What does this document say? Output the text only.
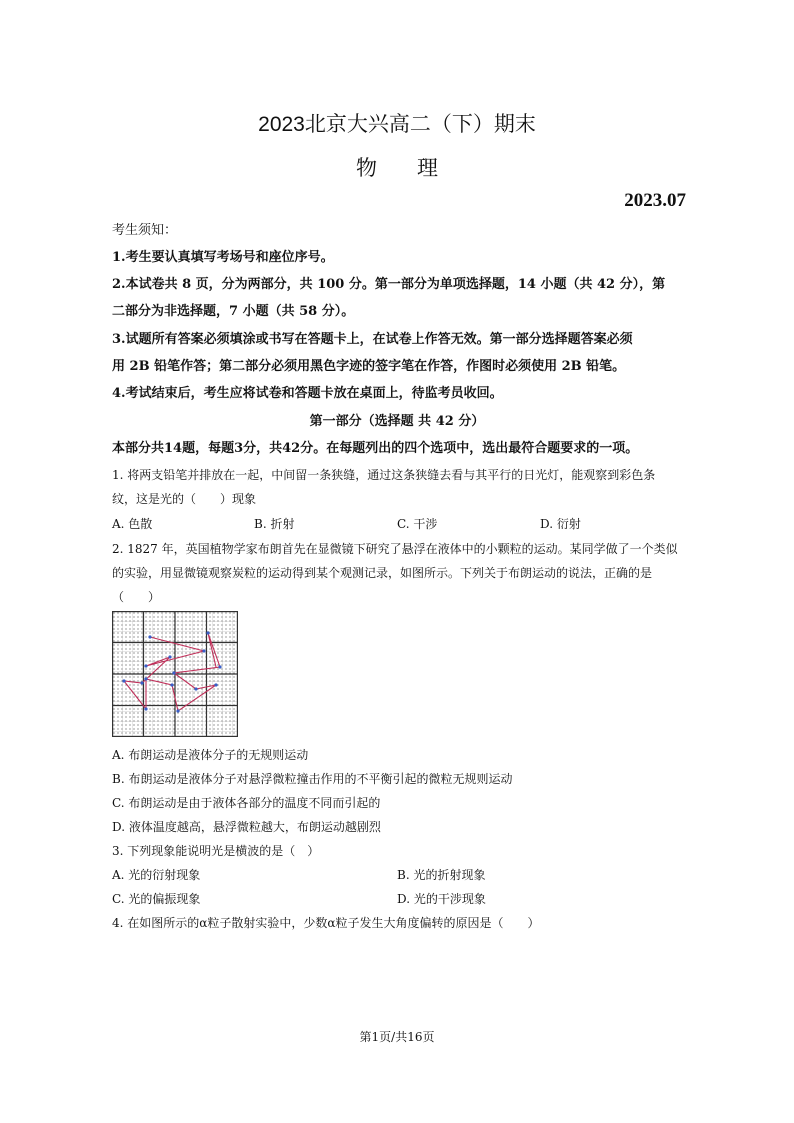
2023北京大兴高二（下）期末
物理
2023.07
考生须知：
1.考生要认真填写考场号和座位序号。
2.本试卷共 8 页，分为两部分，共 100 分。第一部分为单项选择题，14 小题（共 42 分），第
二部分为非选择题，7 小题（共 58 分）。
3.试题所有答案必须填涂或书写在答题卡上，在试卷上作答无效。第一部分选择题答案必须
用 2B 铅笔作答；第二部分必须用黑色字迹的签字笔在作答，作图时必须使用 2B 铅笔。
4.考试结束后，考生应将试卷和答题卡放在桌面上，待监考员收回。
第一部分（选择题 共 42 分）
本部分共14题，每题3分，共42分。在每题列出的四个选项中，选出最符合题要求的一项。
1. 将两支铅笔并排放在一起，中间留一条狭缝，通过这条狭缝去看与其平行的日光灯，能观察到彩色条
纹，这是光的（　　）现象
A. 色散	B. 折射	C. 干涉	D. 衍射
2. 1827 年，英国植物学家布朗首先在显微镜下研究了悬浮在液体中的小颗粒的运动。某同学做了一个类似
的实验，用显微镜观察炭粒的运动得到某个观测记录，如图所示。下列关于布朗运动的说法，正确的是
（　　）
A. 布朗运动是液体分子的无规则运动
B. 布朗运动是液体分子对悬浮微粒撞击作用的不平衡引起的微粒无规则运动
C. 布朗运动是由于液体各部分的温度不同而引起的
D. 液体温度越高，悬浮微粒越大，布朗运动越剧烈
3. 下列现象能说明光是横波的是（　）
A. 光的衍射现象	B. 光的折射现象
C. 光的偏振现象	D. 光的干涉现象
4. 在如图所示的α粒子散射实验中，少数α粒子发生大角度偏转的原因是（　　）
第1页/共16页
